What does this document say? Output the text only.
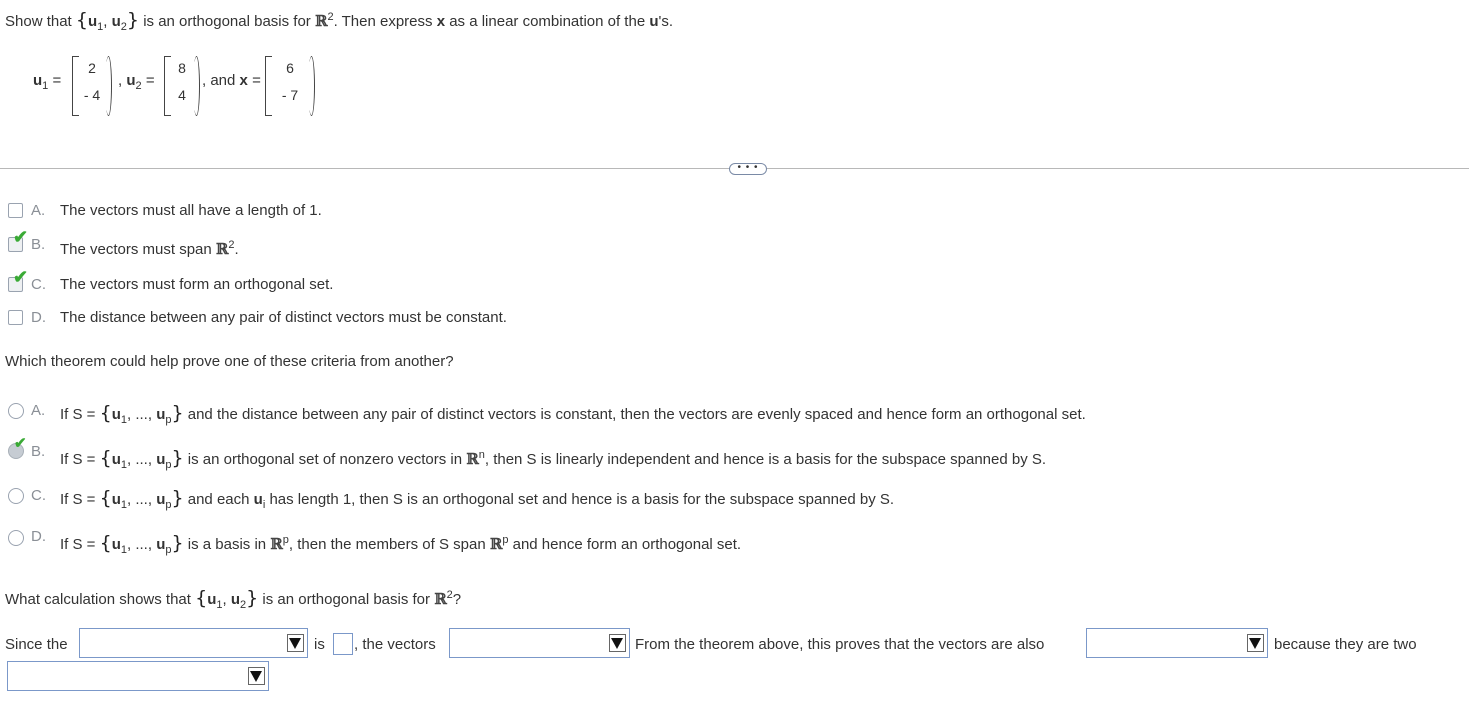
Show that {$u_1$, $u_2$} is an orthogonal basis for ℝ$^2$. Then express x as a linear combination of the u's.
$u_1$ =
2
- 4
, $u_2$ =
8
4
, and x =
6
- 7
• • •
A. The vectors must all have a length of 1.
✔ B. The vectors must span ℝ$^2$.
✔ C. The vectors must form an orthogonal set.
D. The distance between any pair of distinct vectors must be constant.
Which theorem could help prove one of these criteria from another?
A. If $S = \{u_1$, ..., $u_p$} and the distance between any pair of distinct vectors is constant, then the vectors are evenly spaced and hence form an orthogonal set.
✔ B. If $S = \{u_1$, ..., $u_p$} is an orthogonal set of nonzero vectors in ℝ$^n$, then S is linearly independent and hence is a basis for the subspace spanned by S.
C. If $S = \{u_1$, ..., $u_p$} and each $u_i$ has length 1, then S is an orthogonal set and hence is a basis for the subspace spanned by S.
D. If $S = \{u_1$, ..., $u_p$} is a basis in ℝ$^p$, then the members of S span ℝ$^p$ and hence form an orthogonal set.
What calculation shows that {$u_1$, $u_2$} is an orthogonal basis for ℝ$^2$?
Since the	is , the vectors	From the theorem above, this proves that the vectors are also	because they are two
